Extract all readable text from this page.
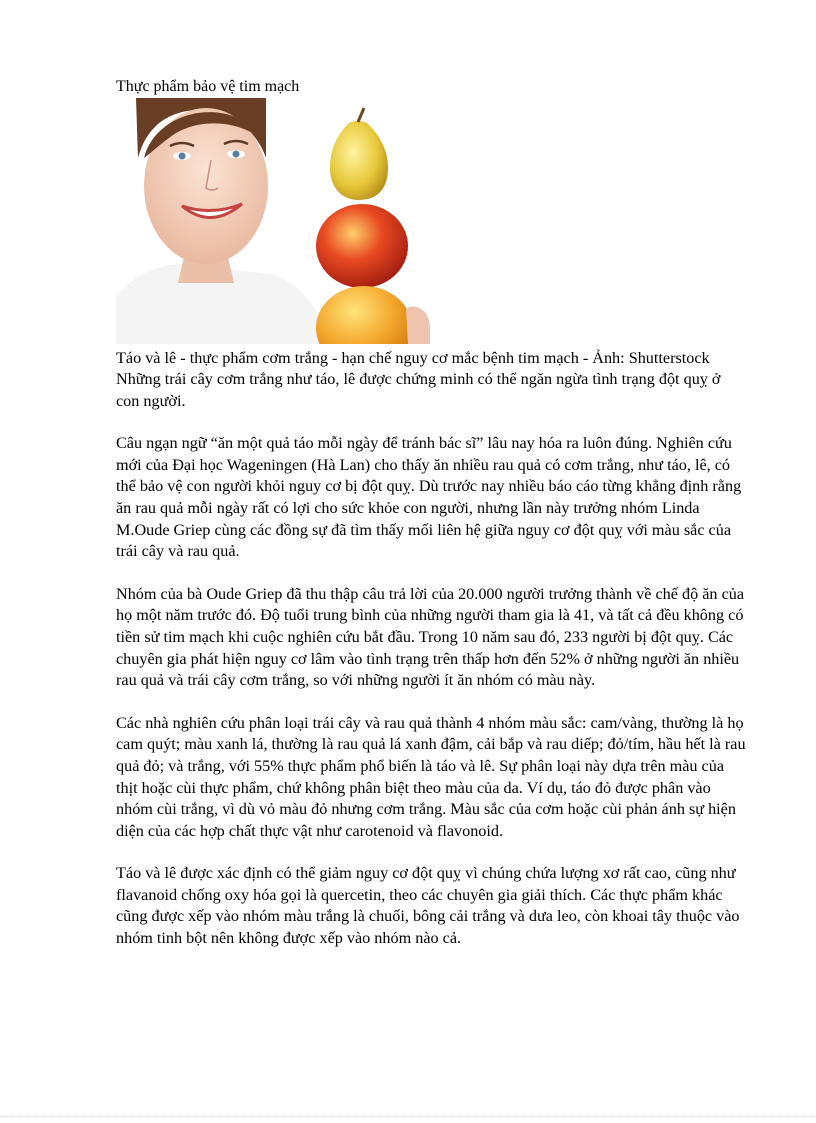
Thực phẩm bảo vệ tim mạch

Táo và lê - thực phẩm cơm trắng - hạn chế nguy cơ mắc bệnh tim mạch - Ảnh: Shutterstock

Những trái cây cơm trắng như táo, lê được chứng minh có thể ngăn ngừa tình trạng đột quỵ ở con người.

Câu ngạn ngữ “ăn một quả táo mỗi ngày để tránh bác sĩ” lâu nay hóa ra luôn đúng. Nghiên cứu mới của Đại học Wageningen (Hà Lan) cho thấy ăn nhiều rau quả có cơm trắng, như táo, lê, có thể bảo vệ con người khỏi nguy cơ bị đột quỵ. Dù trước nay nhiều báo cáo từng khẳng định rằng ăn rau quả mỗi ngày rất có lợi cho sức khỏe con người, nhưng lần này trưởng nhóm Linda M.Oude Griep cùng các đồng sự đã tìm thấy mối liên hệ giữa nguy cơ đột quỵ với màu sắc của trái cây và rau quả.

Nhóm của bà Oude Griep đã thu thập câu trả lời của 20.000 người trưởng thành về chế độ ăn của họ một năm trước đó. Độ tuổi trung bình của những người tham gia là 41, và tất cả đều không có tiền sử tim mạch khi cuộc nghiên cứu bắt đầu. Trong 10 năm sau đó, 233 người bị đột quỵ. Các chuyên gia phát hiện nguy cơ lâm vào tình trạng trên thấp hơn đến 52% ở những người ăn nhiều rau quả và trái cây cơm trắng, so với những người ít ăn nhóm có màu này.

Các nhà nghiên cứu phân loại trái cây và rau quả thành 4 nhóm màu sắc: cam/vàng, thường là họ cam quýt; màu xanh lá, thường là rau quả lá xanh đậm, cải bắp và rau diếp; đỏ/tím, hầu hết là rau quả đỏ; và trắng, với 55% thực phẩm phổ biến là táo và lê. Sự phân loại này dựa trên màu của thịt hoặc cùi thực phẩm, chứ không phân biệt theo màu của da. Ví dụ, táo đỏ được phân vào nhóm cùi trắng, vì dù vỏ màu đỏ nhưng cơm trắng. Màu sắc của cơm hoặc cùi phản ánh sự hiện diện của các hợp chất thực vật như carotenoid và flavonoid.

Táo và lê được xác định có thể giảm nguy cơ đột quỵ vì chúng chứa lượng xơ rất cao, cũng như flavanoid chống oxy hóa gọi là quercetin, theo các chuyên gia giải thích. Các thực phẩm khác cũng được xếp vào nhóm màu trắng là chuối, bông cải trắng và dưa leo, còn khoai tây thuộc vào nhóm tinh bột nên không được xếp vào nhóm nào cả.
